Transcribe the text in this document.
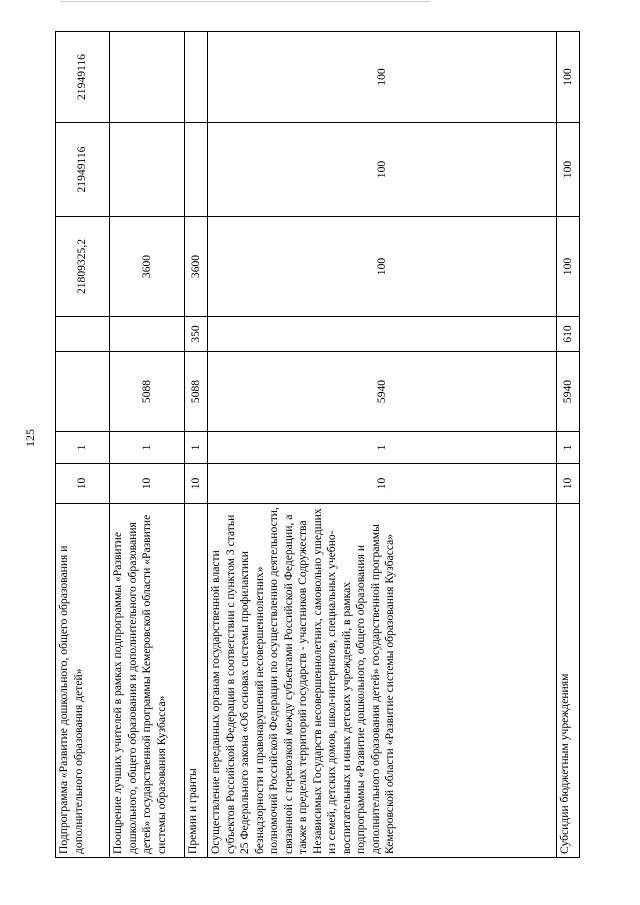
125
Подпрограмма «Развитие дошкольного, общего образования и дополнительного образования детей»	10	1			21809325,2	21949116	21949116
Поощрение лучших учителей в рамках подпрограммы «Развитие дошкольного, общего образования и дополнительного образования детей» государственной программы Кемеровской области «Развитие системы образования Кузбасса»	10	1	5088		3600		
Премии и гранты	10	1	5088	350	3600		
Осуществление переданных органам государственной власти субъектов Российской Федерации в соответствии с пунктом 3 статьи 25 Федерального закона «Об основах системы профилактики безнадзорности и правонарушений несовершеннолетних» полномочий Российской Федерации по осуществлению деятельности, связанной с перевозкой между субъектами Российской Федерации, а также в пределах территорий государств - участников Содружества Независимых Государств несовершеннолетних, самовольно ушедших из семей, детских домов, школ-интернатов, специальных учебно-воспитательных и иных детских учреждений, в рамках подпрограммы «Развитие дошкольного, общего образования и дополнительного образования детей» государственной программы Кемеровской области «Развитие системы образования Кузбасса»	10	1	5940		100	100	100
Субсидии бюджетным учреждениям	10	1	5940	610	100	100	100
